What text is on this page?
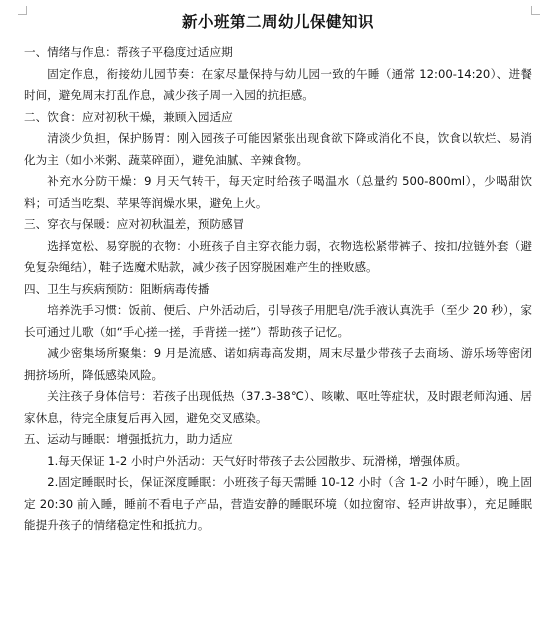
新小班第二周幼儿保健知识
一、情绪与作息：帮孩子平稳度过适应期
固定作息，衔接幼儿园节奏：在家尽量保持与幼儿园一致的午睡（通常 12:00-14:20）、进餐时间，避免周末打乱作息，减少孩子周一入园的抗拒感。
二、饮食：应对初秋干燥，兼顾入园适应
清淡少负担，保护肠胃：刚入园孩子可能因紧张出现食欲下降或消化不良，饮食以软烂、易消化为主（如小米粥、蔬菜碎面），避免油腻、辛辣食物。
补充水分防干燥：9 月天气转干，每天定时给孩子喝温水（总量约 500-800ml），少喝甜饮料；可适当吃梨、苹果等润燥水果，避免上火。
三、穿衣与保暖：应对初秋温差，预防感冒
选择宽松、易穿脱的衣物：小班孩子自主穿衣能力弱，衣物选松紧带裤子、按扣/拉链外套（避免复杂绳结），鞋子选魔术贴款，减少孩子因穿脱困难产生的挫败感。
四、卫生与疾病预防：阻断病毒传播
培养洗手习惯：饭前、便后、户外活动后，引导孩子用肥皂/洗手液认真洗手（至少 20 秒），家长可通过儿歌（如“手心搓一搓，手背搓一搓”）帮助孩子记忆。
减少密集场所聚集：9 月是流感、诺如病毒高发期，周末尽量少带孩子去商场、游乐场等密闭拥挤场所，降低感染风险。
关注孩子身体信号：若孩子出现低热（37.3-38℃）、咳嗽、呕吐等症状，及时跟老师沟通、居家休息，待完全康复后再入园，避免交叉感染。
五、运动与睡眠：增强抵抗力，助力适应
1.每天保证 1-2 小时户外活动：天气好时带孩子去公园散步、玩滑梯，增强体质。
2.固定睡眠时长，保证深度睡眠：小班孩子每天需睡 10-12 小时（含 1-2 小时午睡），晚上固定 20:30 前入睡，睡前不看电子产品，营造安静的睡眠环境（如拉窗帘、轻声讲故事），充足睡眠能提升孩子的情绪稳定性和抵抗力。
